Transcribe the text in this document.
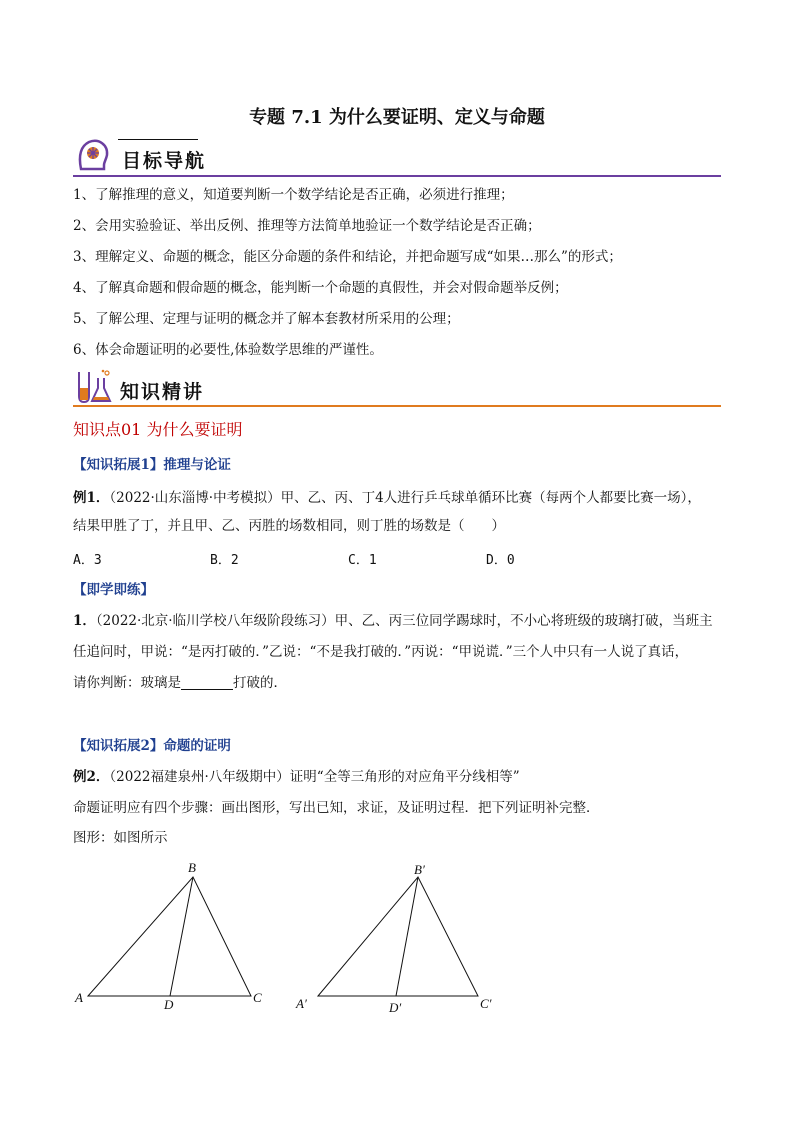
专题 7.1 为什么要证明、定义与命题
目标导航
1、了解推理的意义，知道要判断一个数学结论是否正确，必须进行推理；
2、会用实验验证、举出反例、推理等方法简单地验证一个数学结论是否正确；
3、理解定义、命题的概念，能区分命题的条件和结论，并把命题写成“如果…那么”的形式；
4、了解真命题和假命题的概念，能判断一个命题的真假性，并会对假命题举反例；
5、了解公理、定理与证明的概念并了解本套教材所采用的公理；
6、体会命题证明的必要性,体验数学思维的严谨性。
知识精讲
知识点01 为什么要证明
【知识拓展1】推理与论证
例1．（2022·山东淄博·中考模拟）甲、乙、丙、丁4人进行乒乓球单循环比赛（每两个人都要比赛一场），
结果甲胜了丁，并且甲、乙、丙胜的场数相同，则丁胜的场数是（　　）
A．3	B．2	C．1	D．0
【即学即练】
1．（2022·北京·临川学校八年级阶段练习）甲、乙、丙三位同学踢球时，不小心将班级的玻璃打破，当班主
任追问时，甲说：“是丙打破的．”乙说：“不是我打破的．”丙说：“甲说谎．”三个人中只有一人说了真话，
请你判断：玻璃是	打破的．
【知识拓展2】命题的证明
例2．（2022福建泉州·八年级期中）证明“全等三角形的对应角平分线相等”
命题证明应有四个步骤：画出图形，写出已知，求证，及证明过程．把下列证明补完整．
图形：如图所示
A
B
C
D	A′
B′
C′
D′
